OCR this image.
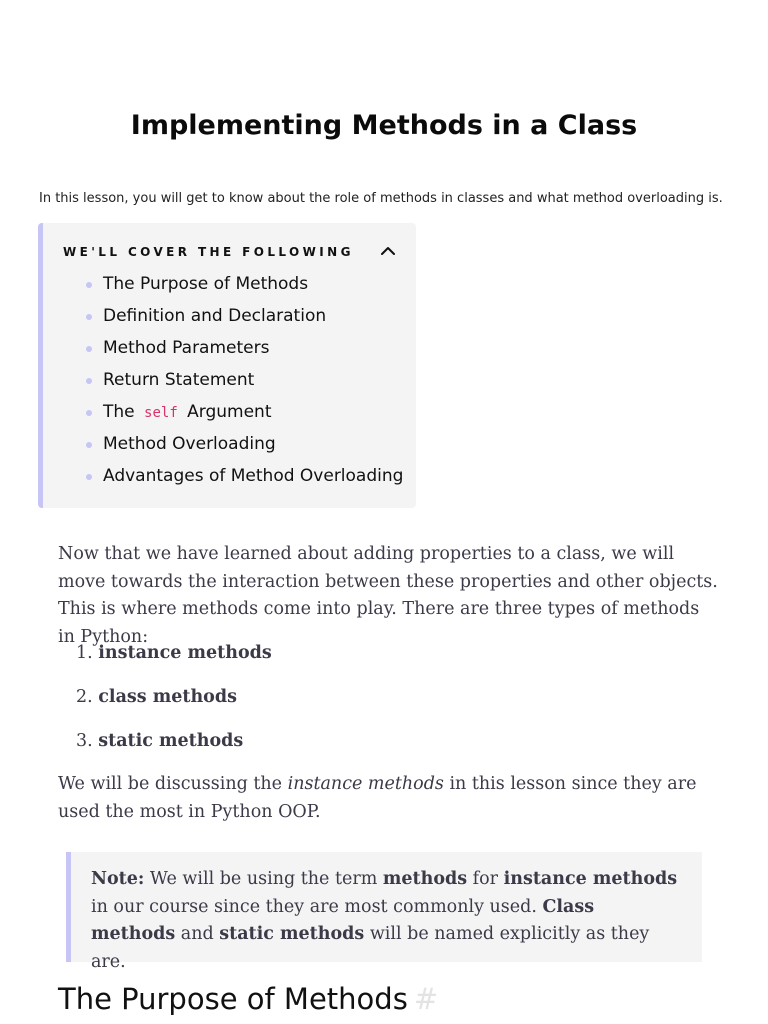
Implementing Methods in a Class

In this lesson, you will get to know about the role of methods in classes and what method overloading is.

WE'LL COVER THE FOLLOWING

The Purpose of Methods
Definition and Declaration
Method Parameters
Return Statement
The self Argument
Method Overloading
Advantages of Method Overloading

Now that we have learned about adding properties to a class, we will move towards the interaction between these properties and other objects. This is where methods come into play. There are three types of methods in Python:

1. instance methods

2. class methods

3. static methods

We will be discussing the instance methods in this lesson since they are used the most in Python OOP.

Note: We will be using the term methods for instance methods in our course since they are most commonly used. Class methods and static methods will be named explicitly as they are.

The Purpose of Methods #
